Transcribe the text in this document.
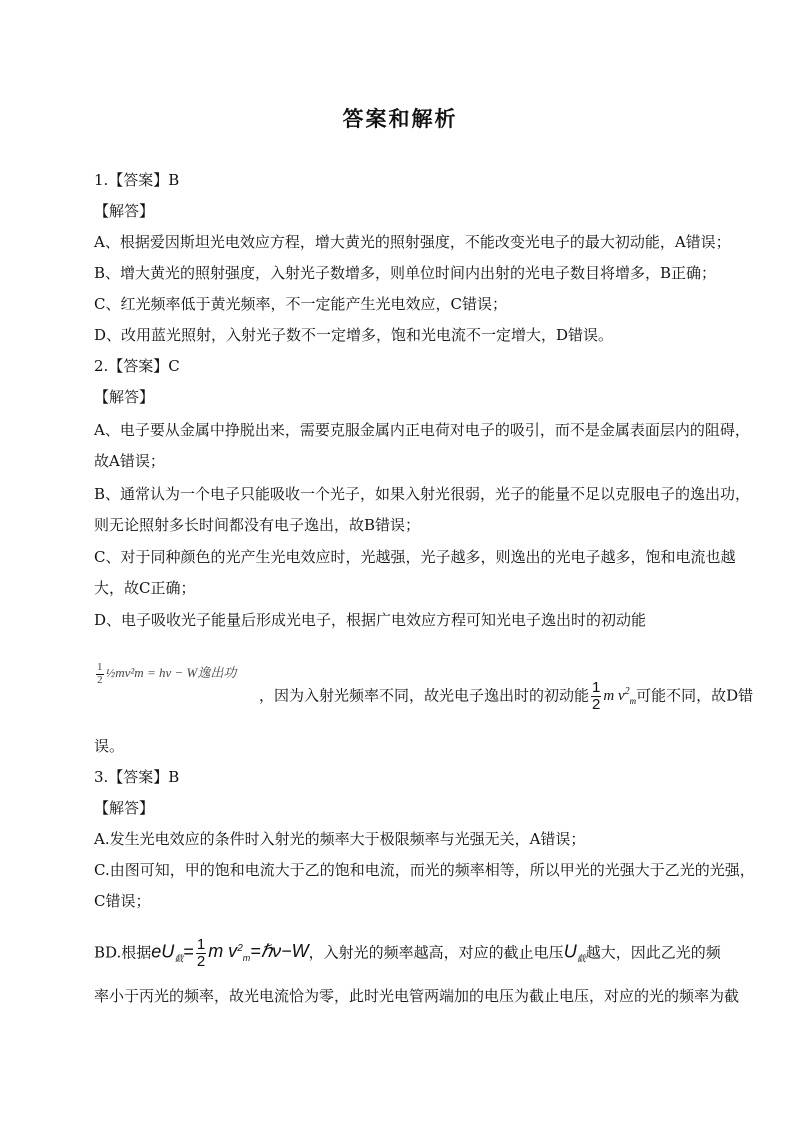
答案和解析
1.【答案】B
【解答】
A、根据爱因斯坦光电效应方程，增大黄光的照射强度，不能改变光电子的最大初动能，A错误；
B、增大黄光的照射强度，入射光子数增多，则单位时间内出射的光电子数目将增多，B正确；
C、红光频率低于黄光频率，不一定能产生光电效应，C错误；
D、改用蓝光照射，入射光子数不一定增多，饱和光电流不一定增大，D错误。
2.【答案】C
【解答】
A、电子要从金属中挣脱出来，需要克服金属内正电荷对电子的吸引，而不是金属表面层内的阻碍，
故A错误；
B、通常认为一个电子只能吸收一个光子，如果入射光很弱，光子的能量不足以克服电子的逸出功，
则无论照射多长时间都没有电子逸出，故B错误；
C、对于同种颜色的光产生光电效应时，光越强，光子越多，则逸出的光电子越多，饱和电流也越
大，故C正确；
D、电子吸收光子能量后形成光电子，根据广电效应方程可知光电子逸出时的初动能
$\frac{1}{2}$ ½mv²m = hν − W逸出功
，因为入射光频率不同，故光电子逸出时的初动能 $\frac{1}{2}$ m $v^2_m$可能不同，故D错
误。
3.【答案】B
【解答】
A.发生光电效应的条件时入射光的频率大于极限频率与光强无关，A错误；
C.由图可知，甲的饱和电流大于乙的饱和电流，而光的频率相等，所以甲光的光强大于乙光的光强，
C错误；
BD.根据$eU_截= \frac{1}{2}$ m $v^2_m=\hbar\nu-W$，入射光的频率越高，对应的截止电压$U_截$越大，因此乙光的频
率小于丙光的频率，故光电流恰为零，此时光电管两端加的电压为截止电压，对应的光的频率为截
